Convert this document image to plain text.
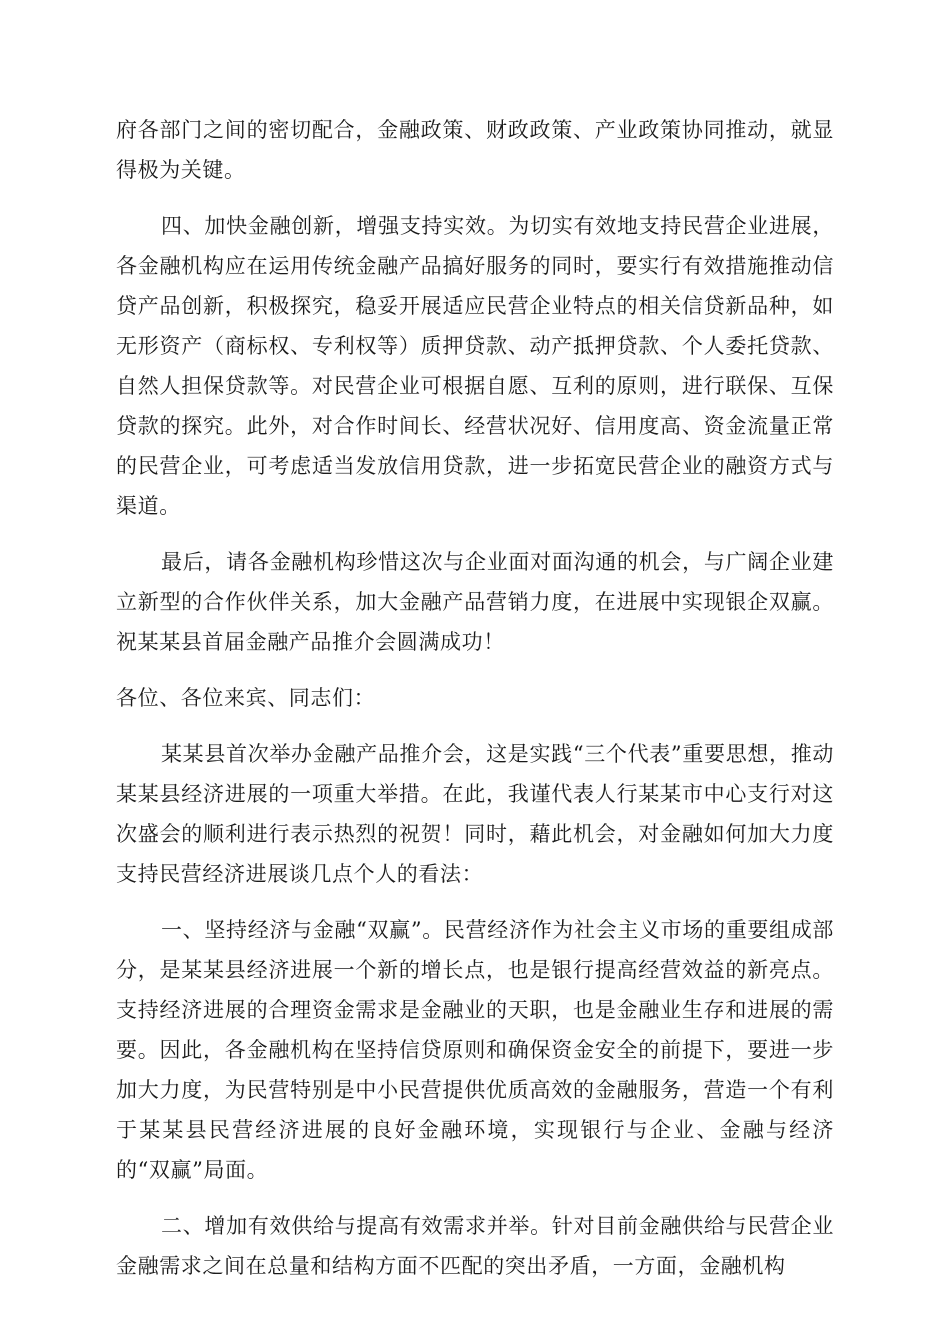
府各部门之间的密切配合，金融政策、财政政策、产业政策协同推动，就显得极为关键。

四、加快金融创新，增强支持实效。为切实有效地支持民营企业进展，各金融机构应在运用传统金融产品搞好服务的同时，要实行有效措施推动信贷产品创新，积极探究，稳妥开展适应民营企业特点的相关信贷新品种，如无形资产（商标权、专利权等）质押贷款、动产抵押贷款、个人委托贷款、自然人担保贷款等。对民营企业可根据自愿、互利的原则，进行联保、互保贷款的探究。此外，对合作时间长、经营状况好、信用度高、资金流量正常的民营企业，可考虑适当发放信用贷款，进一步拓宽民营企业的融资方式与渠道。

最后，请各金融机构珍惜这次与企业面对面沟通的机会，与广阔企业建立新型的合作伙伴关系，加大金融产品营销力度，在进展中实现银企双赢。祝某某县首届金融产品推介会圆满成功！

各位、各位来宾、同志们：

某某县首次举办金融产品推介会，这是实践“三个代表”重要思想，推动某某县经济进展的一项重大举措。在此，我谨代表人行某某市中心支行对这次盛会的顺利进行表示热烈的祝贺！同时，藉此机会，对金融如何加大力度支持民营经济进展谈几点个人的看法：

一、坚持经济与金融“双赢”。民营经济作为社会主义市场的重要组成部分，是某某县经济进展一个新的增长点，也是银行提高经营效益的新亮点。支持经济进展的合理资金需求是金融业的天职，也是金融业生存和进展的需要。因此，各金融机构在坚持信贷原则和确保资金安全的前提下，要进一步加大力度，为民营特别是中小民营提供优质高效的金融服务，营造一个有利于某某县民营经济进展的良好金融环境，实现银行与企业、金融与经济的“双赢”局面。

二、增加有效供给与提高有效需求并举。针对目前金融供给与民营企业金融需求之间在总量和结构方面不匹配的突出矛盾，一方面，金融机构
